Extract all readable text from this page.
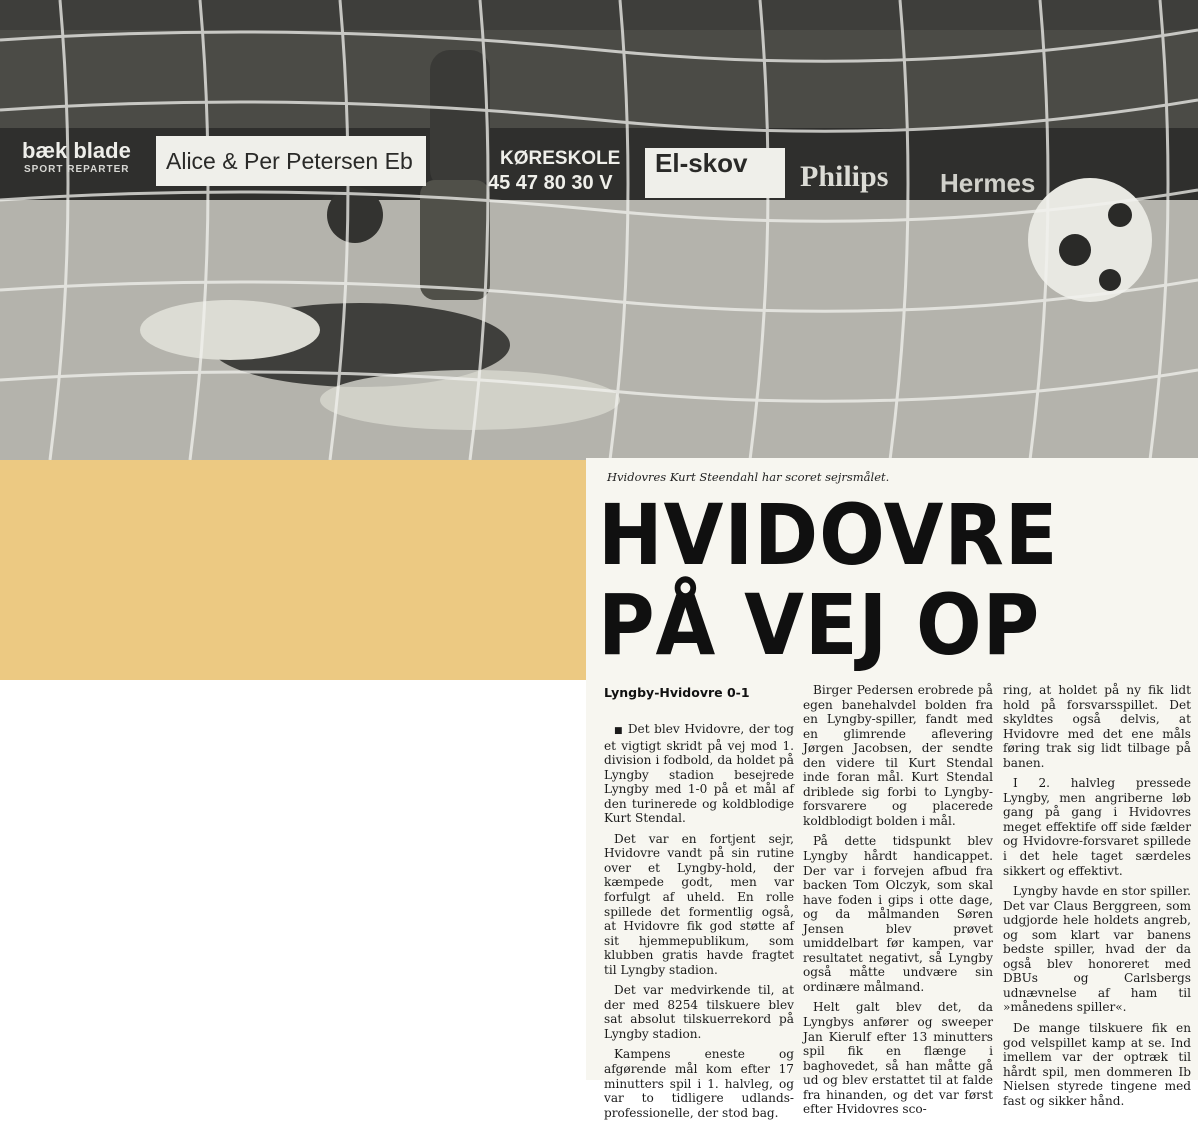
bæk blade
SPORT REPARTER	Alice & Per Petersen Eb	KØRESKOLE
45 47 80 30 V
El-skov	Philips Hermes
Hvidovres Kurt Steendahl har scoret sejrsmålet.
HVIDOVRE
PÅ VEJ OP
Lyngby-Hvidovre 0-1

■ Det blev Hvidovre, der tog et vigtigt skridt på vej mod 1. division i fodbold, da holdet på Lyngby stadion besejrede Lyngby med 1-0 på et mål af den turinerede og koldblodige Kurt Stendal.

Det var en fortjent sejr, Hvidovre vandt på sin rutine over et Lyngby-hold, der kæmpede godt, men var forfulgt af uheld. En rolle spillede det formentlig også, at Hvidovre fik god støtte af sit hjemmepublikum, som klubben gratis havde fragtet til Lyngby stadion.

Det var medvirkende til, at der med 8254 tilskuere blev sat absolut tilskuerrekord på Lyngby stadion.

Kampens eneste og afgørende mål kom efter 17 minutters spil i 1. halvleg, og var to tidligere udlands-professionelle, der stod bag.

Birger Pedersen erobrede på egen banehalvdel bolden fra en Lyngby-spiller, fandt med en glimrende aflevering Jørgen Jacobsen, der sendte den videre til Kurt Stendal inde foran mål. Kurt Stendal driblede sig forbi to Lyngby-forsvarere og placerede koldblodigt bolden i mål.

På dette tidspunkt blev Lyngby hårdt handicappet. Der var i forvejen afbud fra backen Tom Olczyk, som skal have foden i gips i otte dage, og da målmanden Søren Jensen blev prøvet umiddelbart før kampen, var resultatet negativt, så Lyngby også måtte undvære sin ordinære målmand.

Helt galt blev det, da Lyngbys anfører og sweeper Jan Kierulf efter 13 minutters spil fik en flænge i baghovedet, så han måtte gå ud og blev erstattet til at falde fra hinanden, og det var først efter Hvidovres sco-

ring, at holdet på ny fik lidt hold på forsvarsspillet. Det skyldtes også delvis, at Hvidovre med det ene måls føring trak sig lidt tilbage på banen.

I 2. halvleg pressede Lyngby, men angriberne løb gang på gang i Hvidovres meget effektife off side fælder og Hvidovre-forsvaret spillede i det hele taget særdeles sikkert og effektivt.

Lyngby havde en stor spiller. Det var Claus Berggreen, som udgjorde hele holdets angreb, og som klart var banens bedste spiller, hvad der da også blev honoreret med DBUs og Carlsbergs udnævnelse af ham til »månedens spiller«.

De mange tilskuere fik en god velspillet kamp at se. Ind imellem var der optræk til hårdt spil, men dommeren Ib Nielsen styrede tingene med fast og sikker hånd.
